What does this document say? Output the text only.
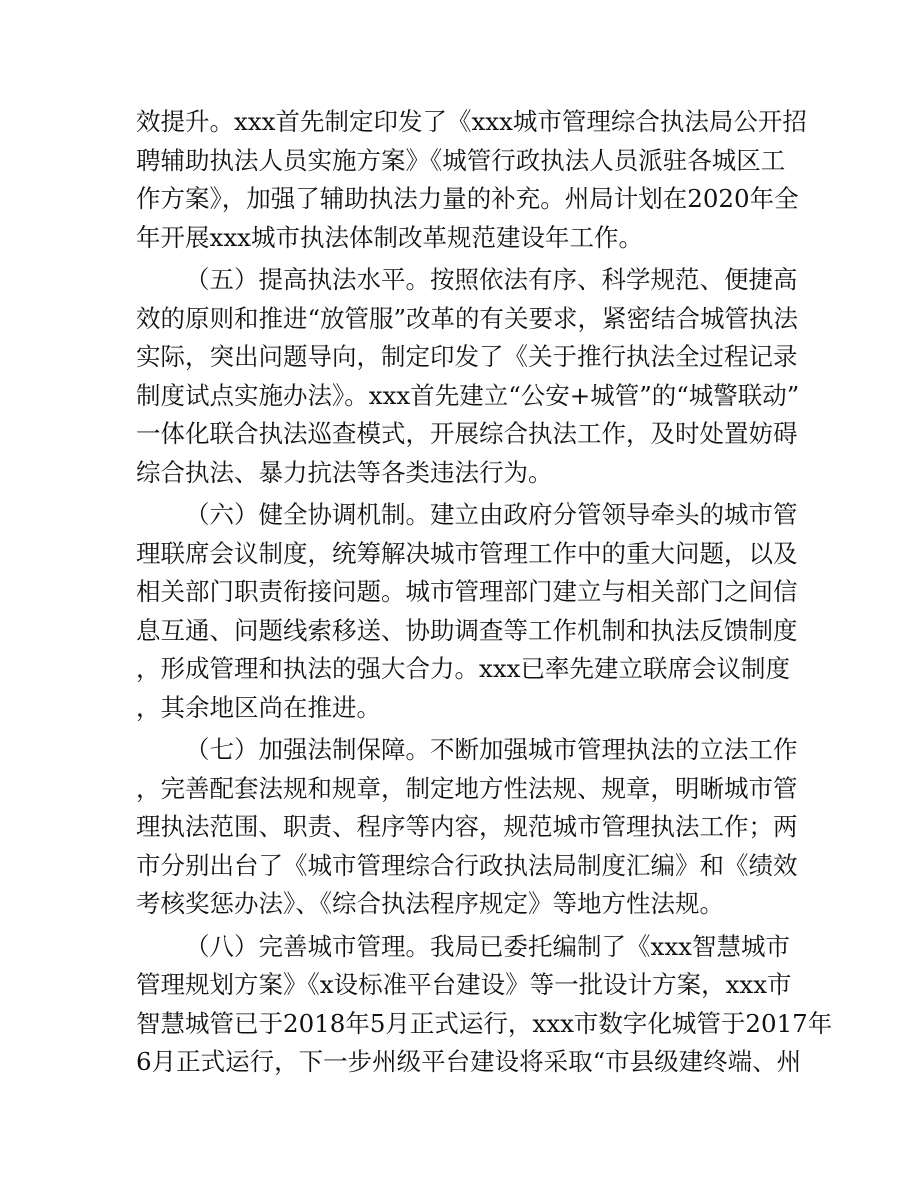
效提升。xxx首先制定印发了《xxx城市管理综合执法局公开招
聘辅助执法人员实施方案》《城管行政执法人员派驻各城区工
作方案》，加强了辅助执法力量的补充。州局计划在2020年全
年开展xxx城市执法体制改革规范建设年工作。
（五）提高执法水平。按照依法有序、科学规范、便捷高
效的原则和推进“放管服”改革的有关要求，紧密结合城管执法
实际，突出问题导向，制定印发了《关于推行执法全过程记录
制度试点实施办法》。xxx首先建立“公安+城管”的“城警联动”
一体化联合执法巡查模式，开展综合执法工作，及时处置妨碍
综合执法、暴力抗法等各类违法行为。
（六）健全协调机制。建立由政府分管领导牵头的城市管
理联席会议制度，统筹解决城市管理工作中的重大问题，以及
相关部门职责衔接问题。城市管理部门建立与相关部门之间信
息互通、问题线索移送、协助调查等工作机制和执法反馈制度
，形成管理和执法的强大合力。xxx已率先建立联席会议制度
，其余地区尚在推进。
（七）加强法制保障。不断加强城市管理执法的立法工作
，完善配套法规和规章，制定地方性法规、规章，明晰城市管
理执法范围、职责、程序等内容，规范城市管理执法工作；两
市分别出台了《城市管理综合行政执法局制度汇编》和《绩效
考核奖惩办法》、《综合执法程序规定》等地方性法规。
（八）完善城市管理。我局已委托编制了《xxx智慧城市
管理规划方案》《x设标准平台建设》等一批设计方案，xxx市
智慧城管已于2018年5月正式运行，xxx市数字化城管于2017年
6月正式运行，下一步州级平台建设将采取“市县级建终端、州
